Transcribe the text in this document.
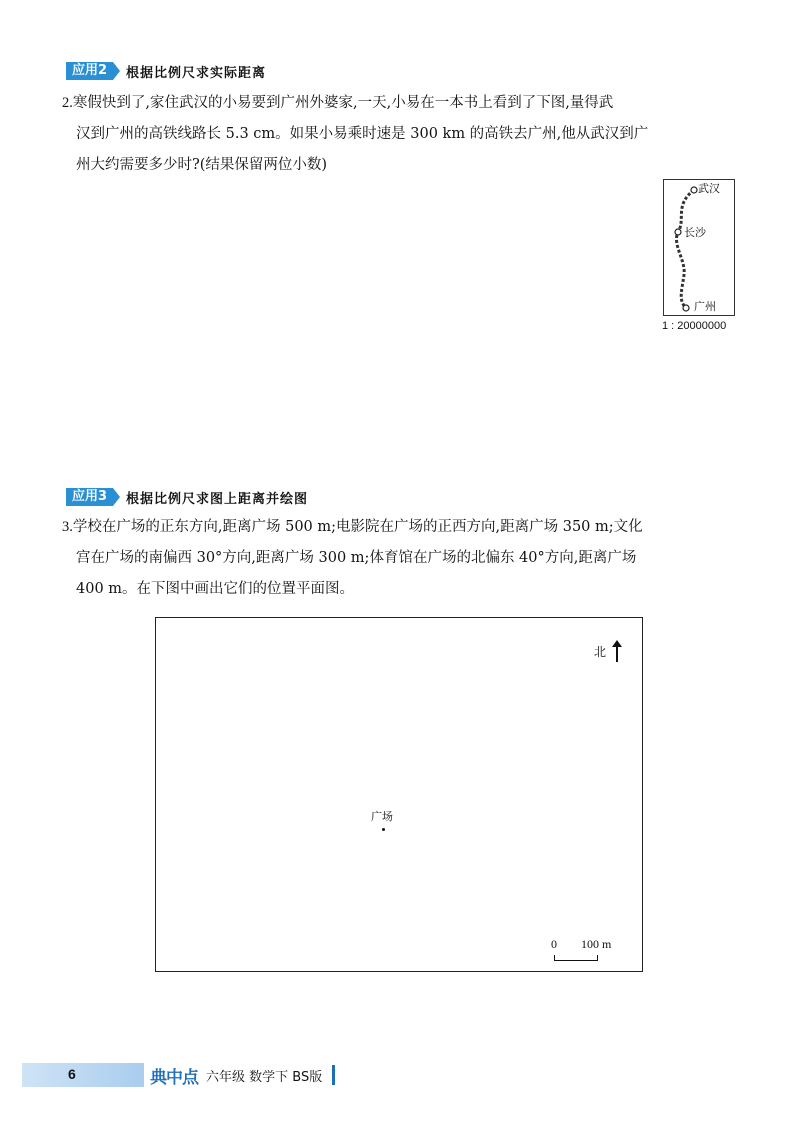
应用2	根据比例尺求实际距离
2.寒假快到了,家住武汉的小易要到广州外婆家,一天,小易在一本书上看到了下图,量得武
汉到广州的高铁线路长 5.3 cm。如果小易乘时速是 300 km 的高铁去广州,他从武汉到广
州大约需要多少时?(结果保留两位小数)
武汉
长沙
广州
1 : 20000000
应用3	根据比例尺求图上距离并绘图
3.学校在广场的正东方向,距离广场 500 m;电影院在广场的正西方向,距离广场 350 m;文化
宫在广场的南偏西 30°方向,距离广场 300 m;体育馆在广场的北偏东 40°方向,距离广场
400 m。在下图中画出它们的位置平面图。
北
广场
0 100 m
6	典中点 六年级 数学下 BS版
